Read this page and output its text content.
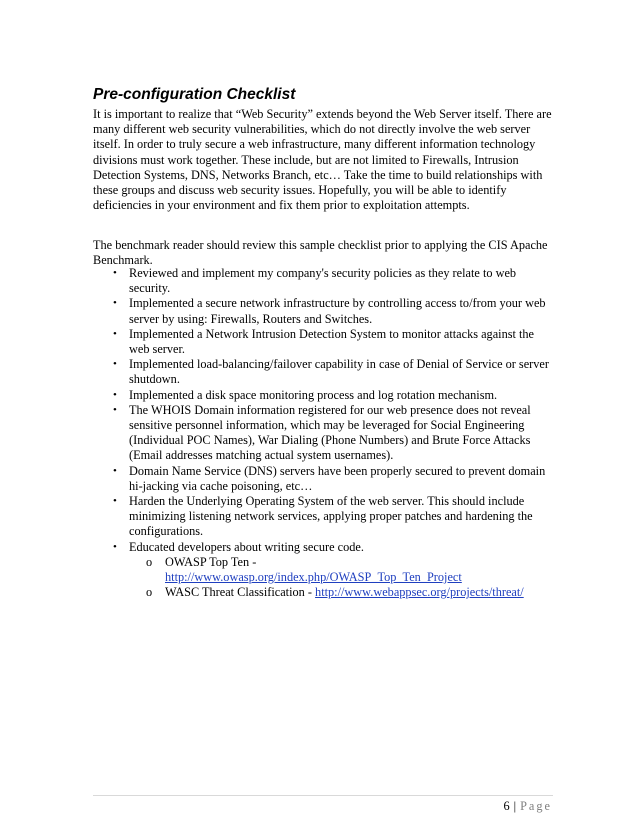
Pre-configuration Checklist

It is important to realize that “Web Security” extends beyond the Web Server itself. There are many different web security vulnerabilities, which do not directly involve the web server itself. In order to truly secure a web infrastructure, many different information technology divisions must work together. These include, but are not limited to Firewalls, Intrusion Detection Systems, DNS, Networks Branch, etc… Take the time to build relationships with these groups and discuss web security issues. Hopefully, you will be able to identify deficiencies in your environment and fix them prior to exploitation attempts.

The benchmark reader should review this sample checklist prior to applying the CIS Apache Benchmark.

• Reviewed and implement my company's security policies as they relate to web security.
• Implemented a secure network infrastructure by controlling access to/from your web server by using: Firewalls, Routers and Switches.
• Implemented a Network Intrusion Detection System to monitor attacks against the web server.
• Implemented load-balancing/failover capability in case of Denial of Service or server shutdown.
• Implemented a disk space monitoring process and log rotation mechanism.
• The WHOIS Domain information registered for our web presence does not reveal sensitive personnel information, which may be leveraged for Social Engineering (Individual POC Names), War Dialing (Phone Numbers) and Brute Force Attacks (Email addresses matching actual system usernames).
• Domain Name Service (DNS) servers have been properly secured to prevent domain hi-jacking via cache poisoning, etc…
• Harden the Underlying Operating System of the web server. This should include minimizing listening network services, applying proper patches and hardening the configurations.
• Educated developers about writing secure code.
o OWASP Top Ten -
http://www.owasp.org/index.php/OWASP_Top_Ten_Project
o WASC Threat Classification - http://www.webappsec.org/projects/threat/
6 | Page
